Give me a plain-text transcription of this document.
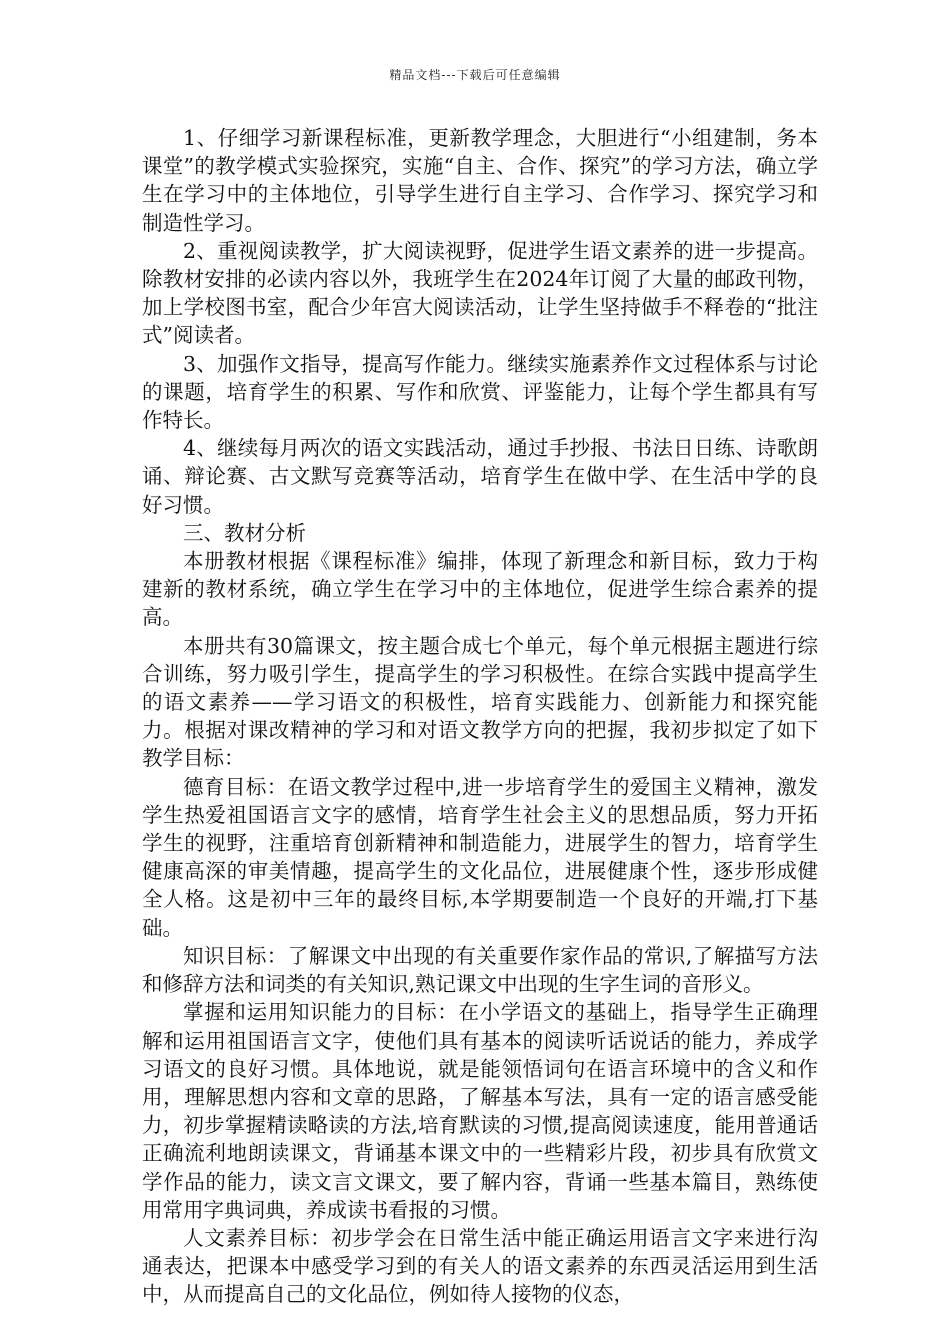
精品文档---下载后可任意编辑

1、仔细学习新课程标准，更新教学理念，大胆进行“小组建制，务本课堂”的教学模式实验探究，实施“自主、合作、探究”的学习方法，确立学生在学习中的主体地位，引导学生进行自主学习、合作学习、探究学习和制造性学习。

2、重视阅读教学，扩大阅读视野，促进学生语文素养的进一步提高。除教材安排的必读内容以外，我班学生在2024年订阅了大量的邮政刊物，加上学校图书室，配合少年宫大阅读活动，让学生坚持做手不释卷的“批注式”阅读者。

3、加强作文指导，提高写作能力。继续实施素养作文过程体系与讨论的课题，培育学生的积累、写作和欣赏、评鉴能力，让每个学生都具有写作特长。

4、继续每月两次的语文实践活动，通过手抄报、书法日日练、诗歌朗诵、辩论赛、古文默写竞赛等活动，培育学生在做中学、在生活中学的良好习惯。

三、教材分析

本册教材根据《课程标准》编排，体现了新理念和新目标，致力于构建新的教材系统，确立学生在学习中的主体地位，促进学生综合素养的提高。

本册共有30篇课文，按主题合成七个单元，每个单元根据主题进行综合训练，努力吸引学生，提高学生的学习积极性。在综合实践中提高学生的语文素养——学习语文的积极性，培育实践能力、创新能力和探究能力。根据对课改精神的学习和对语文教学方向的把握，我初步拟定了如下教学目标：

德育目标：在语文教学过程中,进一步培育学生的爱国主义精神，激发学生热爱祖国语言文字的感情，培育学生社会主义的思想品质，努力开拓学生的视野，注重培育创新精神和制造能力，进展学生的智力，培育学生健康高深的审美情趣，提高学生的文化品位，进展健康个性，逐步形成健全人格。这是初中三年的最终目标,本学期要制造一个良好的开端,打下基础。

知识目标：了解课文中出现的有关重要作家作品的常识,了解描写方法和修辞方法和词类的有关知识,熟记课文中出现的生字生词的音形义。

掌握和运用知识能力的目标：在小学语文的基础上，指导学生正确理解和运用祖国语言文字，使他们具有基本的阅读听话说话的能力，养成学习语文的良好习惯。具体地说，就是能领悟词句在语言环境中的含义和作用，理解思想内容和文章的思路，了解基本写法，具有一定的语言感受能力，初步掌握精读略读的方法,培育默读的习惯,提高阅读速度，能用普通话正确流利地朗读课文，背诵基本课文中的一些精彩片段，初步具有欣赏文学作品的能力，读文言文课文，要了解内容，背诵一些基本篇目，熟练使用常用字典词典，养成读书看报的习惯。

人文素养目标：初步学会在日常生活中能正确运用语言文字来进行沟通表达，把课本中感受学习到的有关人的语文素养的东西灵活运用到生活中，从而提高自己的文化品位，例如待人接物的仪态，
